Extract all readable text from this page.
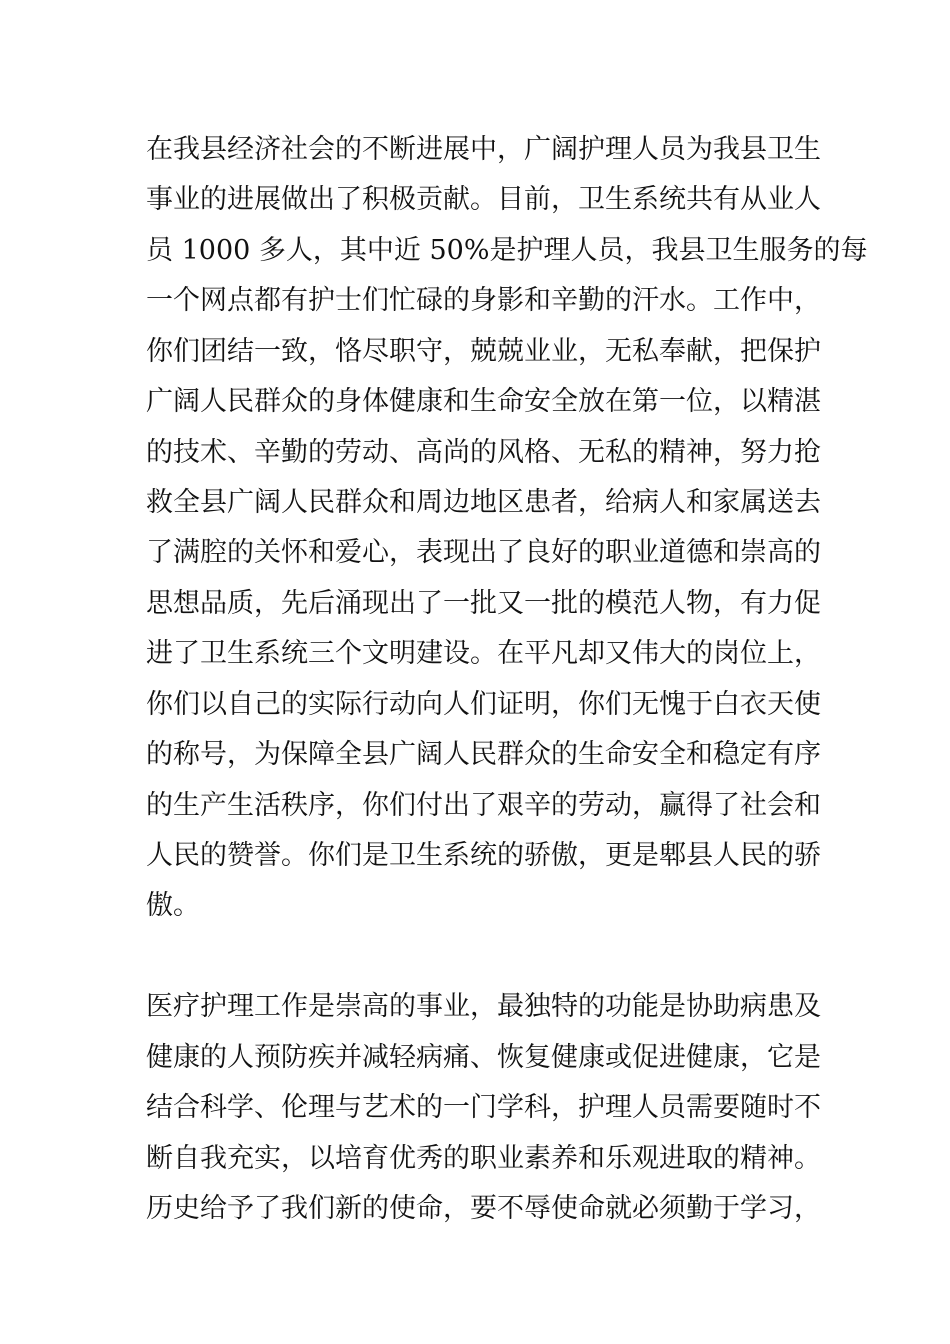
在我县经济社会的不断进展中，广阔护理人员为我县卫生
事业的进展做出了积极贡献。目前，卫生系统共有从业人
员 1000 多人，其中近 50%是护理人员，我县卫生服务的每
一个网点都有护士们忙碌的身影和辛勤的汗水。工作中，
你们团结一致，恪尽职守，兢兢业业，无私奉献，把保护
广阔人民群众的身体健康和生命安全放在第一位，以精湛
的技术、辛勤的劳动、高尚的风格、无私的精神，努力抢
救全县广阔人民群众和周边地区患者，给病人和家属送去
了满腔的关怀和爱心，表现出了良好的职业道德和崇高的
思想品质，先后涌现出了一批又一批的模范人物，有力促
进了卫生系统三个文明建设。在平凡却又伟大的岗位上，
你们以自己的实际行动向人们证明，你们无愧于白衣天使
的称号，为保障全县广阔人民群众的生命安全和稳定有序
的生产生活秩序，你们付出了艰辛的劳动，赢得了社会和
人民的赞誉。你们是卫生系统的骄傲，更是郫县人民的骄
傲。
医疗护理工作是崇高的事业，最独特的功能是协助病患及
健康的人预防疾并减轻病痛、恢复健康或促进健康，它是
结合科学、伦理与艺术的一门学科，护理人员需要随时不
断自我充实，以培育优秀的职业素养和乐观进取的精神。
历史给予了我们新的使命，要不辱使命就必须勤于学习，
